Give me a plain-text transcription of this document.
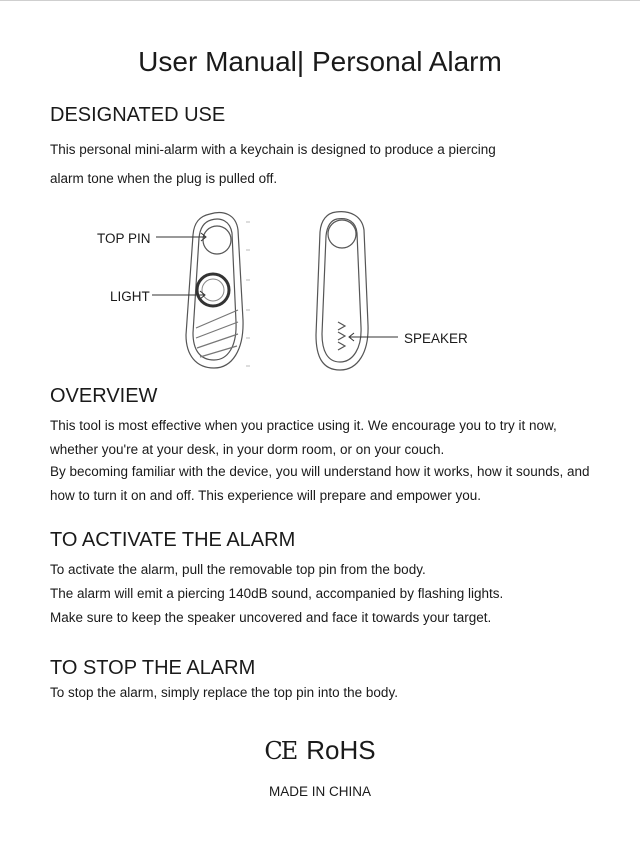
User Manual| Personal Alarm
DESIGNATED USE
This personal mini-alarm with a keychain is designed to produce a piercing
alarm tone when the plug is pulled off.
TOP PIN
LIGHT
SPEAKER
OVERVIEW
This tool is most effective when you practice using it. We encourage you to try it now,
whether you're at your desk, in your dorm room, or on your couch.
By becoming familiar with the device, you will understand how it works, how it sounds, and
how to turn it on and off. This experience will prepare and empower you.
TO ACTIVATE THE ALARM
To activate the alarm, pull the removable top pin from the body.
The alarm will emit a piercing 140dB sound, accompanied by flashing lights.
Make sure to keep the speaker uncovered and face it towards your target.
TO STOP THE ALARM
To stop the alarm, simply replace the top pin into the body.
CE RoHS
MADE IN CHINA
